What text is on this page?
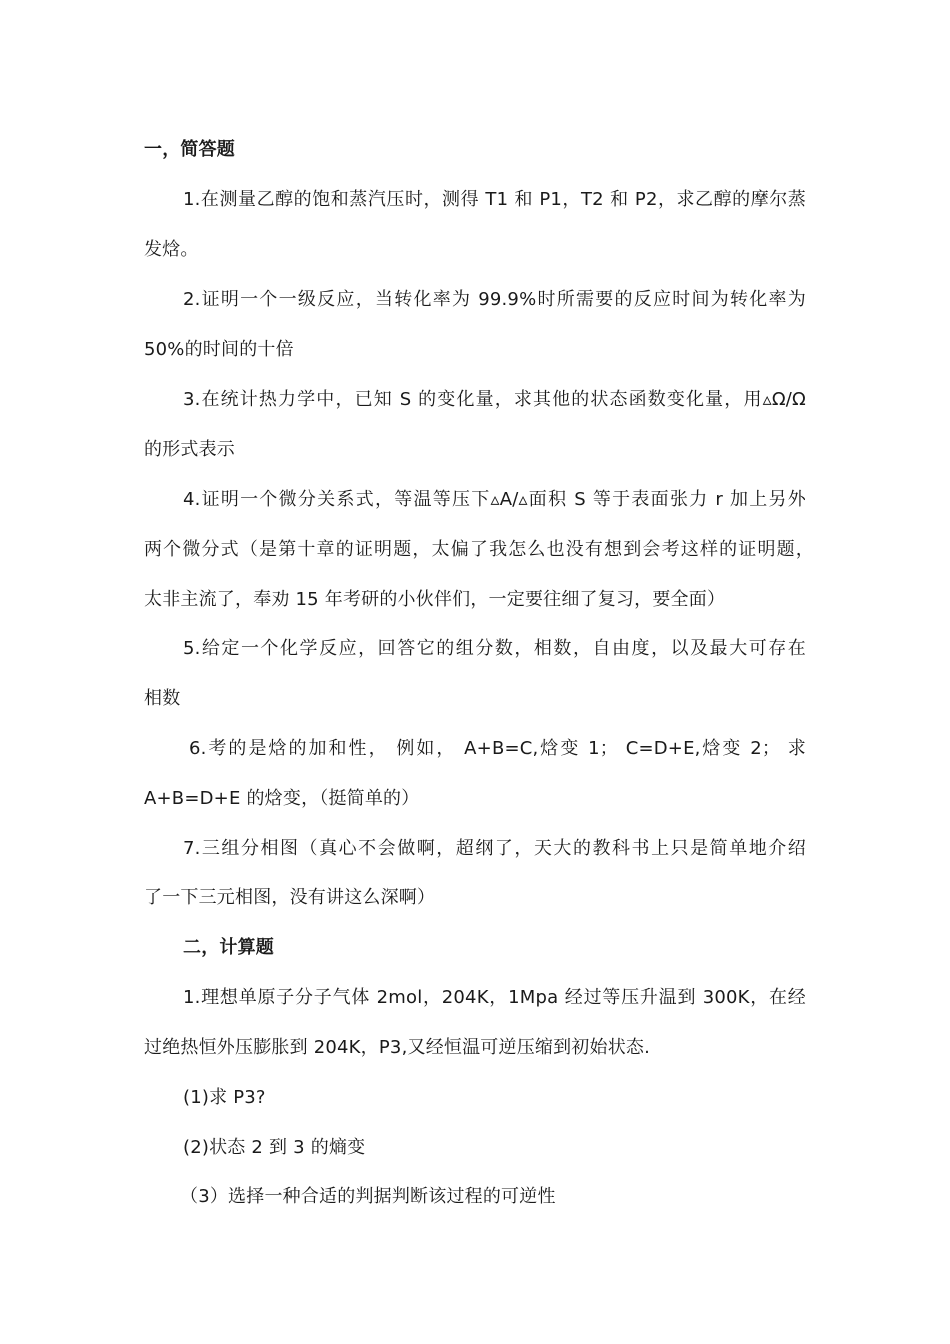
一，简答题
1.在测量乙醇的饱和蒸汽压时，测得 T1 和 P1，T2 和 P2，求乙醇的摩尔蒸
发焓。
2.证明一个一级反应，当转化率为 99.9%时所需要的反应时间为转化率为
50%的时间的十倍
3.在统计热力学中，已知 S 的变化量，求其他的状态函数变化量，用▵Ω/Ω
的形式表示
4.证明一个微分关系式，等温等压下▵A/▵面积 S 等于表面张力 r 加上另外
两个微分式（是第十章的证明题，太偏了我怎么也没有想到会考这样的证明题，
太非主流了，奉劝 15 年考研的小伙伴们，一定要往细了复习，要全面）
5.给定一个化学反应，回答它的组分数，相数，自由度，以及最大可存在
相数
6.考的是焓的加和性， 例如， A+B=C,焓变 1； C=D+E,焓变 2； 求
A+B=D+E 的焓变，（挺简单的）
7.三组分相图（真心不会做啊，超纲了，天大的教科书上只是简单地介绍
了一下三元相图，没有讲这么深啊）
二，计算题
1.理想单原子分子气体 2mol，204K，1Mpa 经过等压升温到 300K，在经
过绝热恒外压膨胀到 204K，P3,又经恒温可逆压缩到初始状态.
(1)求 P3?
(2)状态 2 到 3 的熵变
（3）选择一种合适的判据判断该过程的可逆性
